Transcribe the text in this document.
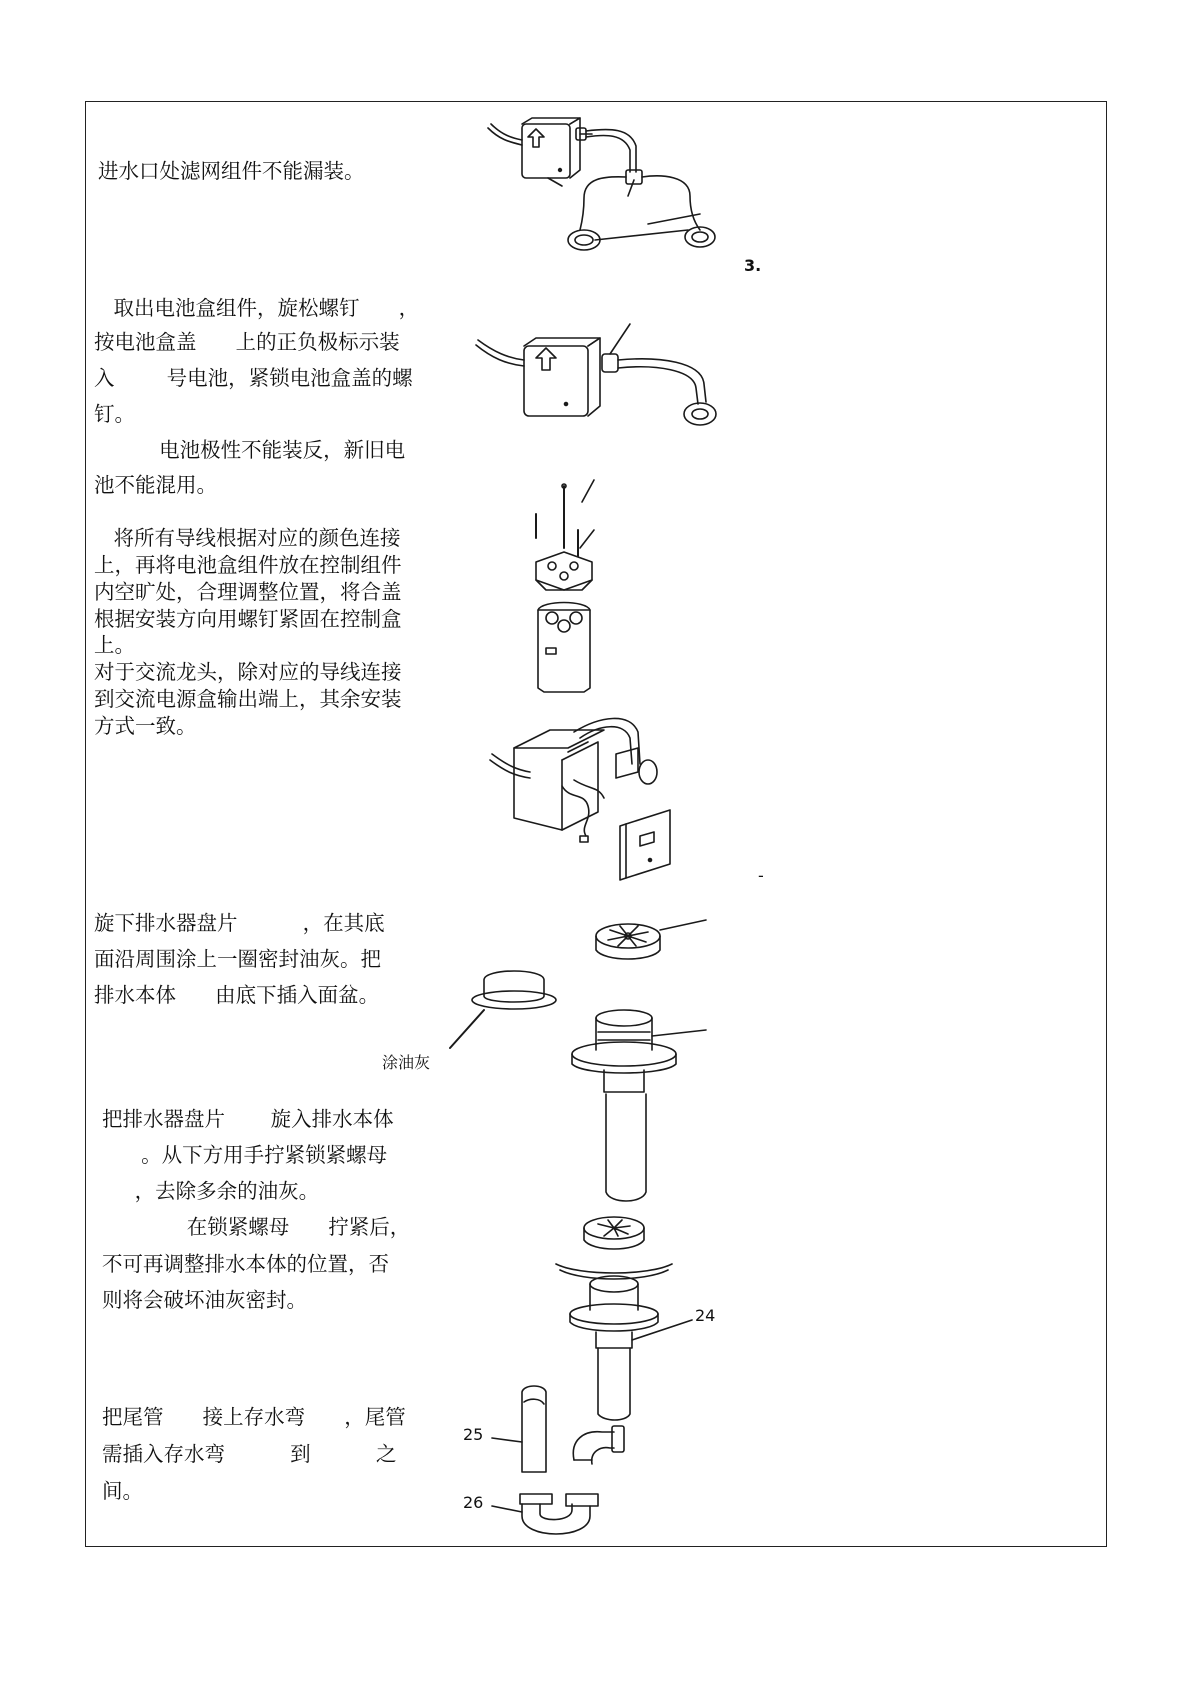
进水口处滤网组件不能漏装。

取出电池盒组件，旋松螺钉      ，

按电池盒盖      上的正负极标示装

入        号电池，紧锁电池盒盖的螺

钉。

电池极性不能装反，新旧电

池不能混用。

将所有导线根据对应的颜色连接

上，再将电池盒组件放在控制组件

内空旷处，合理调整位置，将合盖

根据安装方向用螺钉紧固在控制盒

上。

对于交流龙头，除对应的导线连接

到交流电源盒输出端上，其余安装

方式一致。

旋下排水器盘片          ，在其底

面沿周围涂上一圈密封油灰。把

排水本体      由底下插入面盆。

涂油灰

把排水器盘片       旋入排水本体

。从下方用手拧紧锁紧螺母

，去除多余的油灰。

在锁紧螺母      拧紧后，

不可再调整排水本体的位置，否

则将会破坏油灰密封。

把尾管      接上存水弯      ，尾管

需插入存水弯          到          之

间。

3.
-
24
25
26
